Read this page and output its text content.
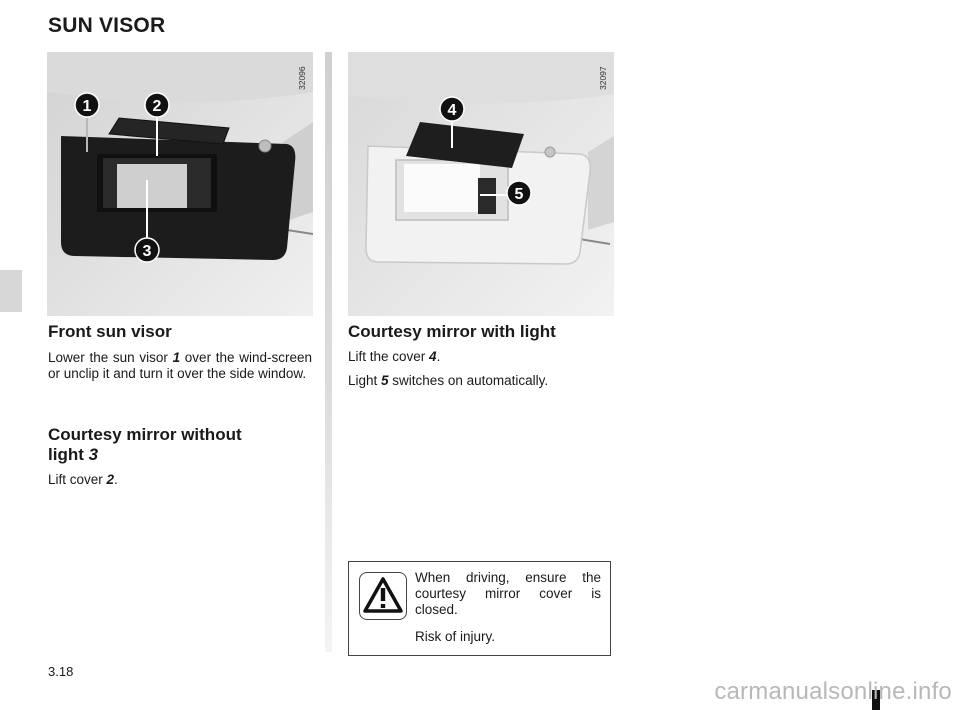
SUN VISOR
1	2
3
32096
4
5
32097
Front sun visor

Lower the sun visor 1 over the wind-screen or unclip it and turn it over the side window.

Courtesy mirror without light 3

Lift cover 2.

Courtesy mirror with light

Lift the cover 4.

Light 5 switches on automatically.

When driving, ensure the courtesy mirror cover is closed.

Risk of injury.

3.18
carmanualsonline.info
